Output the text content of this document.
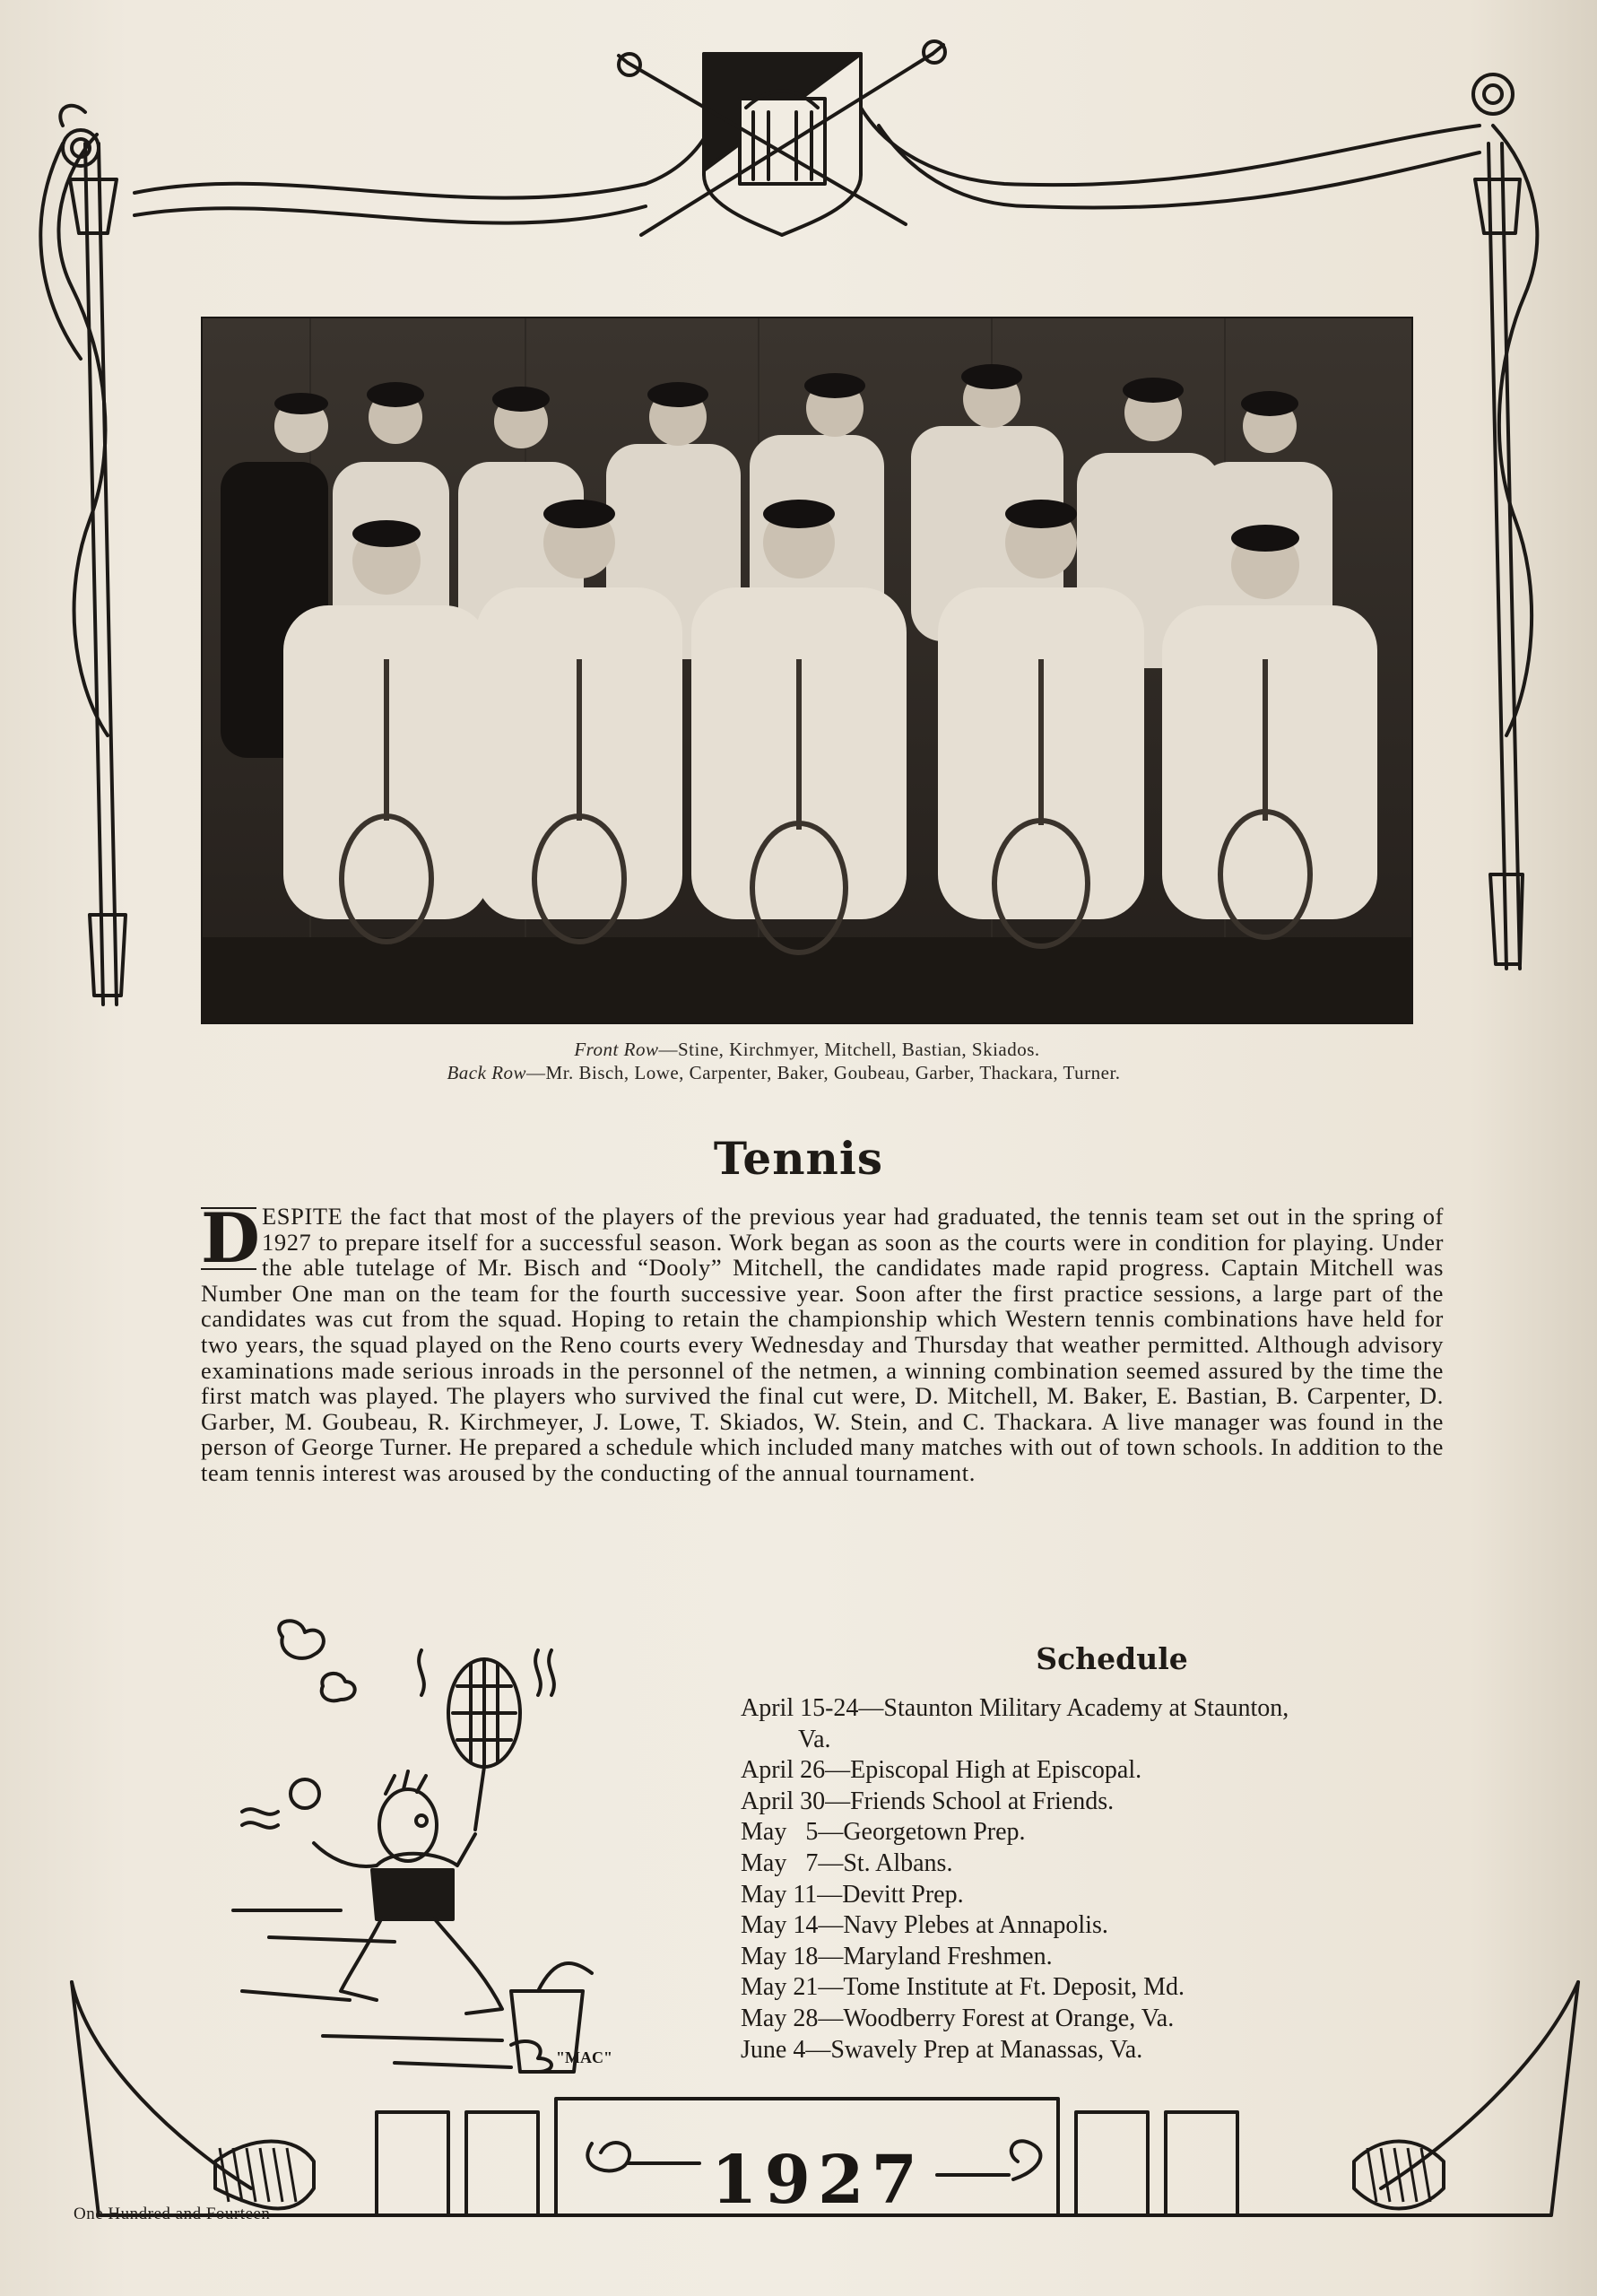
Front Row—Stine, Kirchmyer, Mitchell, Bastian, Skiados.
Back Row—Mr. Bisch, Lowe, Carpenter, Baker, Goubeau, Garber, Thackara, Turner.
Tennis
D ESPITE the fact that most of the players of the previous year had graduated, the tennis team set out in the spring of 1927 to prepare itself for a successful season. Work began as soon as the courts were in condition for playing. Under the able tutelage of Mr. Bisch and “Dooly” Mitchell, the candidates made rapid progress. Captain Mitchell was Number One man on the team for the fourth successive year. Soon after the first practice sessions, a large part of the candidates was cut from the squad. Hoping to retain the championship which Western tennis combinations have held for two years, the squad played on the Reno courts every Wednesday and Thursday that weather permitted. Although advisory examinations made serious inroads in the personnel of the netmen, a winning combination seemed assured by the time the first match was played. The players who survived the final cut were, D. Mitchell, M. Baker, E. Bastian, B. Carpenter, D. Garber, M. Goubeau, R. Kirchmeyer, J. Lowe, T. Skiados, W. Stein, and C. Thackara. A live manager was found in the person of George Turner. He prepared a schedule which included many matches with out of town schools. In addition to the team tennis interest was aroused by the conducting of the annual tournament.
"MAC"
Schedule
April 15-24—Staunton Military Academy at Staunton,
Va.
April 26—Episcopal High at Episcopal.
April 30—Friends School at Friends.
May   5—Georgetown Prep.
May   7—St. Albans.
May 11—Devitt Prep.
May 14—Navy Plebes at Annapolis.
May 18—Maryland Freshmen.
May 21—Tome Institute at Ft. Deposit, Md.
May 28—Woodberry Forest at Orange, Va.
June 4—Swavely Prep at Manassas, Va.
1927
One Hundred and Fourteen
